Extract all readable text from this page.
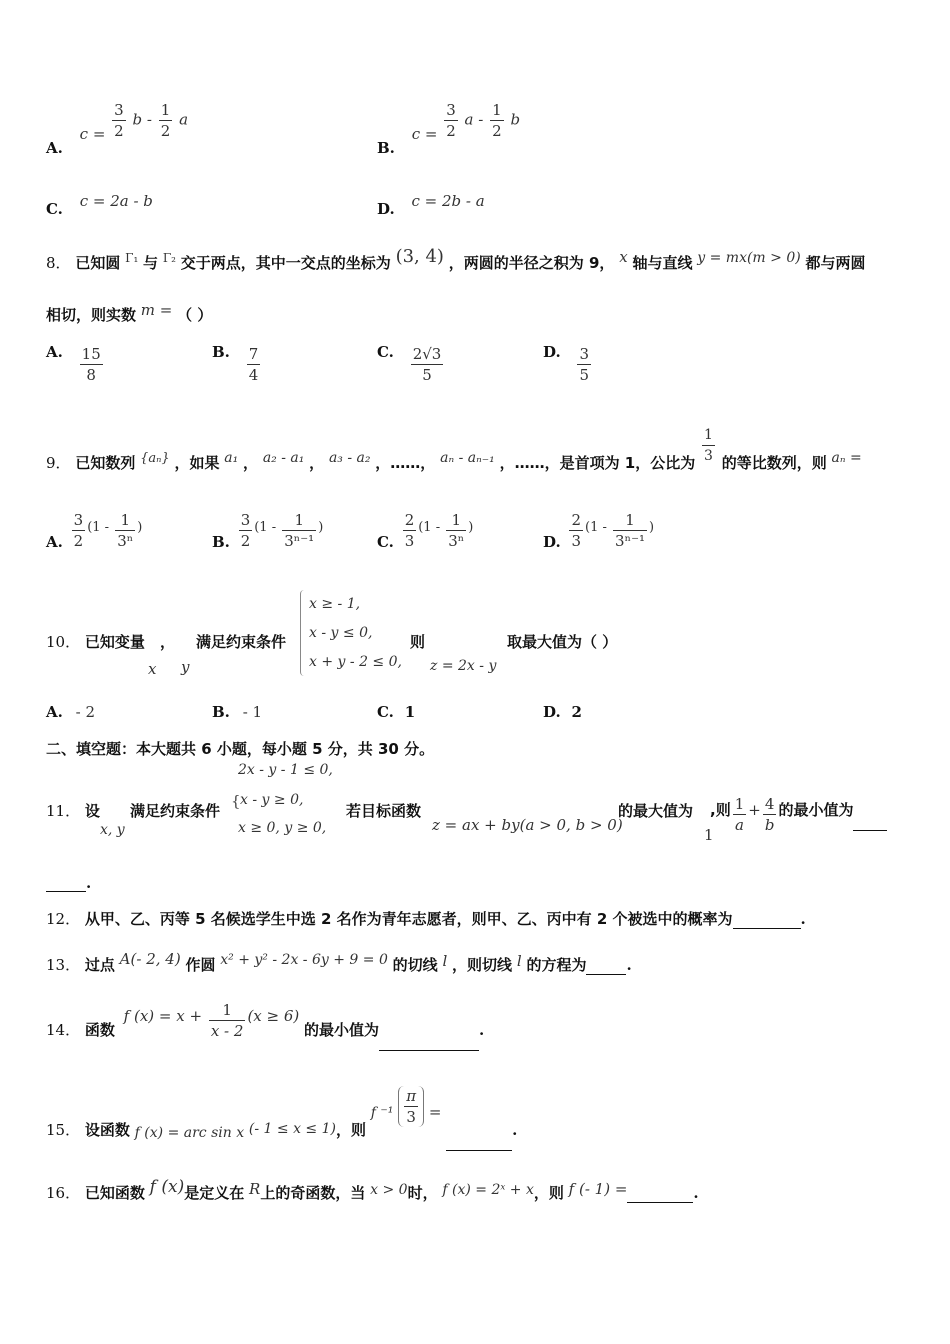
A. $c = \frac{3}{2}$ b - $\frac{1}{2}$ a
B. $c = \frac{3}{2}$ a - $\frac{1}{2}$ b
C. c = 2a - b	D. c = 2b - a
8． 已知圆 $^{\Gamma_1}$ 与 $^{\Gamma_2}$ 交于两点，其中一交点的坐标为 (3, 4) ，两圆的半径之积为 9， x 轴与直线 y = mx(m > 0) 都与两圆
相切，则实数 m = （ ）
A. $\frac{15}{8}$	B. $\frac{7}{4}$	C. $\frac{2√3}{5}$	D. $\frac{3}{5}$
9． 已知数列 {aₙ} ，如果 a₁ ， a₂ - a₁ ， a₃ - a₂ ，……， aₙ - aₙ₋₁ ，……，是首项为 1，公比为 $\frac{1}{3}$ 的等比数列，则 aₙ =
A. $\frac{3}{2} (1 - \frac{1}{\text{3ⁿ}}$ )
B. $\frac{3}{2} (1 - \frac{1}{\text{3ⁿ⁻¹}}$ )
C. $\frac{2}{3} (1 - \frac{1}{\text{3ⁿ}}$ )
D. $\frac{2}{3} (1 - \frac{1}{\text{3ⁿ⁻¹}}$ )
10． 已知变量 ， 满足约束条件
x y
x ≥ - 1,
x - y ≤ 0,
x + y - 2 ≤ 0,
则
z = 2x - y
取最大值为（ ）
A. - 2	B. - 1	C. 1	D. 2
二、填空题：本大题共 6 小题，每小题 5 分，共 30 分。
11． 设
x, y
满足约束条件
2x - y - 1 ≤ 0,
{ x - y ≥ 0,
x ≥ 0, y ≥ 0,
若目标函数
z = ax + by(a > 0, b > 0)
的最大值为
1
,则 $\frac{1}{a} + \frac{4}{b}$ 的最小值为
.
12． 从甲、乙、丙等 5 名候选学生中选 2 名作为青年志愿者，则甲、乙、丙中有 2 个被选中的概率为	.
13． 过点 A(- 2, 4) 作圆 x² + y² - 2x - 6y + 9 = 0 的切线 l ，则切线 l 的方程为	.
14． 函数 f $(x) = x + \frac{1}{x - 2} (x \ge 6)$ 的最小值为	.
15． 设函数 f (x) = arc sin x (- 1 ≤ x ≤ 1)，则 f $^{-1} \frac{\pi}{3}$ = .
16． 已知函数 f (x)是定义在 R上的奇函数，当 x > 0时， f (x) = 2ˣ + x，则 f (- 1) =	.
